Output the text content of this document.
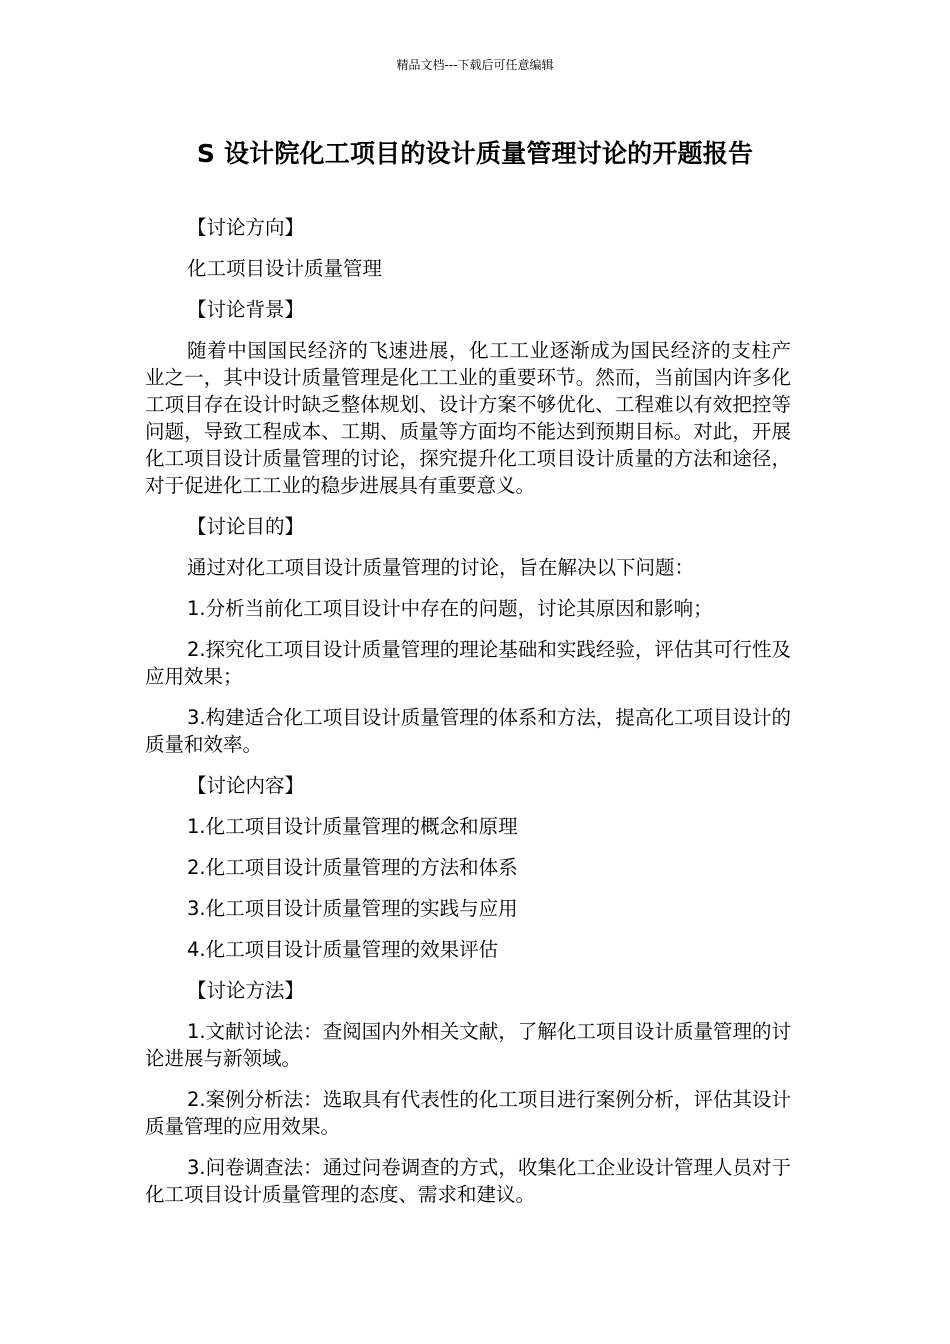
精品文档---下载后可任意编辑
S 设计院化工项目的设计质量管理讨论的开题报告

【讨论方向】

化工项目设计质量管理

【讨论背景】

随着中国国民经济的飞速进展，化工工业逐渐成为国民经济的支柱产业之一，其中设计质量管理是化工工业的重要环节。然而，当前国内许多化工项目存在设计时缺乏整体规划、设计方案不够优化、工程难以有效把控等问题，导致工程成本、工期、质量等方面均不能达到预期目标。对此，开展化工项目设计质量管理的讨论，探究提升化工项目设计质量的方法和途径，对于促进化工工业的稳步进展具有重要意义。

【讨论目的】

通过对化工项目设计质量管理的讨论，旨在解决以下问题：

1.分析当前化工项目设计中存在的问题，讨论其原因和影响；

2.探究化工项目设计质量管理的理论基础和实践经验，评估其可行性及应用效果；

3.构建适合化工项目设计质量管理的体系和方法，提高化工项目设计的质量和效率。

【讨论内容】

1.化工项目设计质量管理的概念和原理

2.化工项目设计质量管理的方法和体系

3.化工项目设计质量管理的实践与应用

4.化工项目设计质量管理的效果评估

【讨论方法】

1.文献讨论法：查阅国内外相关文献，了解化工项目设计质量管理的讨论进展与新领域。

2.案例分析法：选取具有代表性的化工项目进行案例分析，评估其设计质量管理的应用效果。

3.问卷调查法：通过问卷调查的方式，收集化工企业设计管理人员对于化工项目设计质量管理的态度、需求和建议。
